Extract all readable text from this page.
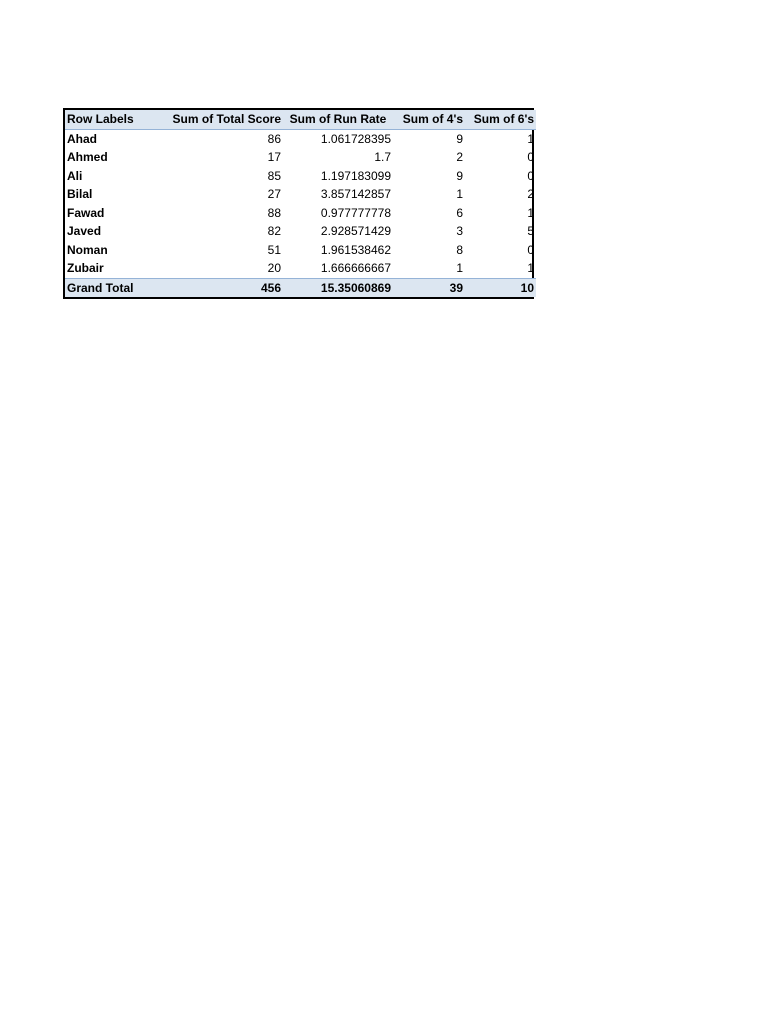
Row Labels	Sum of Total Score	Sum of Run Rate	Sum of 4's	Sum of 6's
Ahad	86	1.061728395	9	1
Ahmed	17	1.7	2	0
Ali	85	1.197183099	9	0
Bilal	27	3.857142857	1	2
Fawad	88	0.977777778	6	1
Javed	82	2.928571429	3	5
Noman	51	1.961538462	8	0
Zubair	20	1.666666667	1	1
Grand Total	456	15.35060869	39	10
